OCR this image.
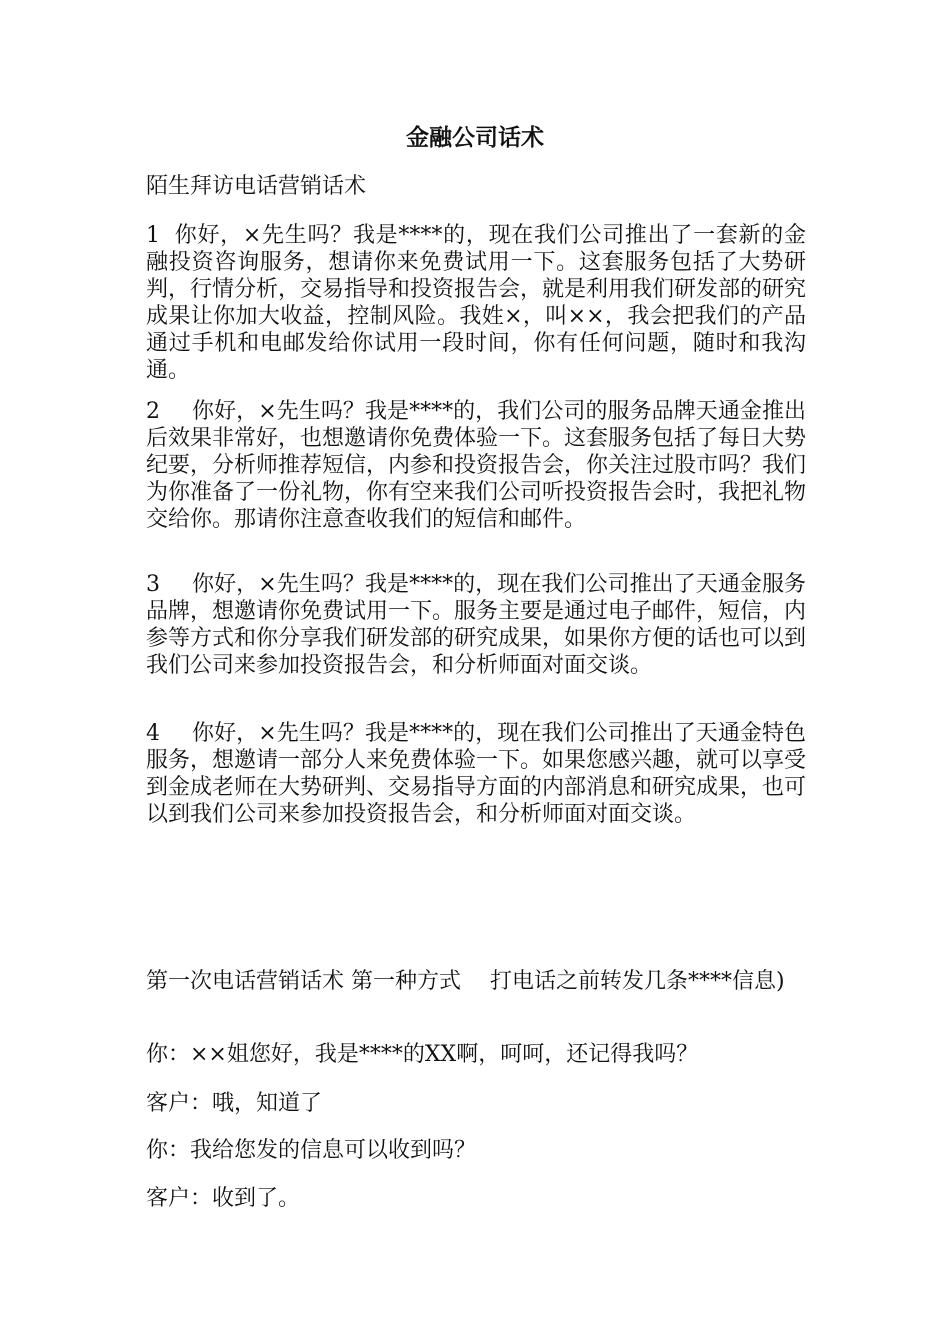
金融公司话术

陌生拜访电话营销话术

1 你好，×先生吗？我是****的，现在我们公司推出了一套新的金融投资咨询服务，想请你来免费试用一下。这套服务包括了大势研判，行情分析，交易指导和投资报告会，就是利用我们研发部的研究成果让你加大收益，控制风险。我姓×，叫××，我会把我们的产品通过手机和电邮发给你试用一段时间，你有任何问题，随时和我沟通。

2 你好，×先生吗？我是****的，我们公司的服务品牌天通金推出后效果非常好，也想邀请你免费体验一下。这套服务包括了每日大势纪要，分析师推荐短信，内参和投资报告会，你关注过股市吗？我们为你准备了一份礼物，你有空来我们公司听投资报告会时，我把礼物交给你。那请你注意查收我们的短信和邮件。

3 你好，×先生吗？我是****的，现在我们公司推出了天通金服务品牌，想邀请你免费试用一下。服务主要是通过电子邮件，短信，内参等方式和你分享我们研发部的研究成果，如果你方便的话也可以到我们公司来参加投资报告会，和分析师面对面交谈。

4 你好，×先生吗？我是****的，现在我们公司推出了天通金特色服务，想邀请一部分人来免费体验一下。如果您感兴趣，就可以享受到金成老师在大势研判、交易指导方面的内部消息和研究成果，也可以到我们公司来参加投资报告会，和分析师面对面交谈。

第一次电话营销话术 第一种方式　 打电话之前转发几条****信息)

你：××姐您好，我是****的XX啊，呵呵，还记得我吗？

客户：哦，知道了

你：我给您发的信息可以收到吗？

客户：收到了。
